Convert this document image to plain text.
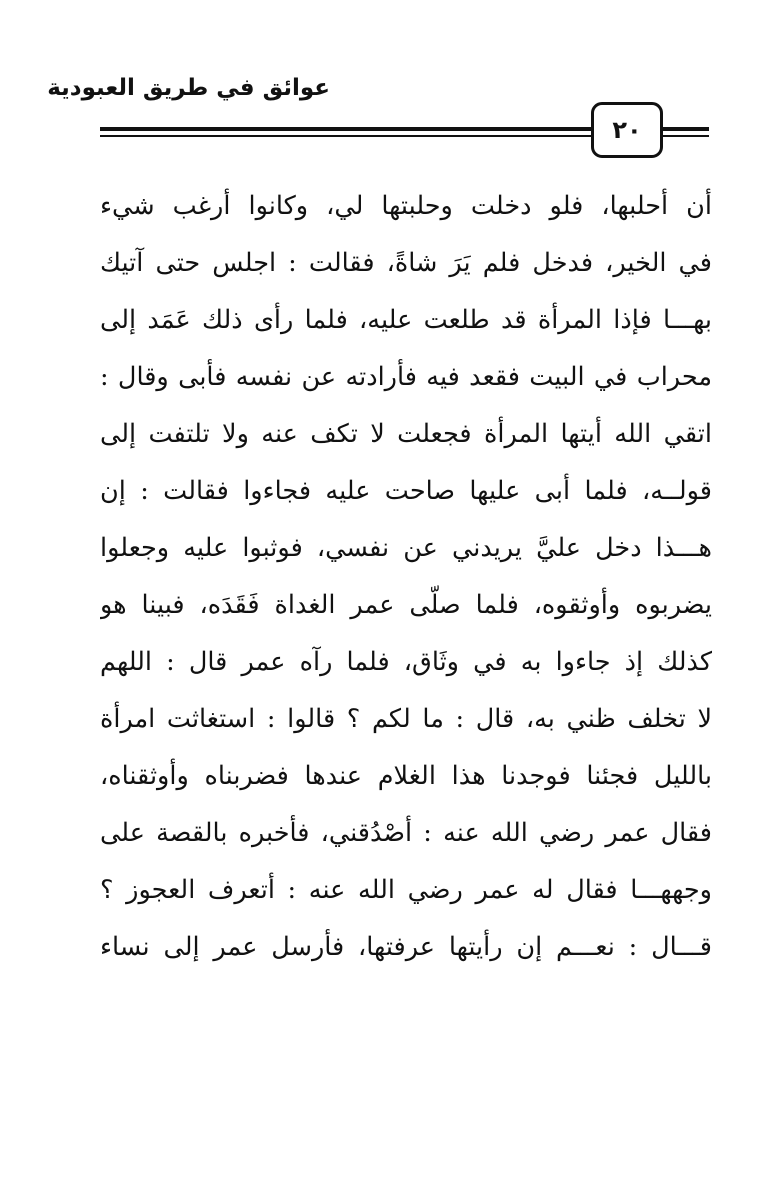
عوائق في طريق العبودية
٢٠
أن أحلبها، فلو دخلت وحلبتها لي، وكانوا أرغب شيء
في الخير، فدخل فلم يَرَ شاةً، فقالت : اجلس حتى آتيك
بهـــا فإذا المرأة قد طلعت عليه، فلما رأى ذلك عَمَد إلى
محراب في البيت فقعد فيه فأرادته عن نفسه فأبى وقال :
اتقي الله أيتها المرأة فجعلت لا تكف عنه ولا تلتفت إلى
قولــه، فلما أبى عليها صاحت عليه فجاءوا فقالت : إن
هـــذا دخل عليَّ يريدني عن نفسي، فوثبوا عليه وجعلوا
يضربوه وأوثقوه، فلما صلّى عمر الغداة فَقَدَه، فبينا هو
كذلك إذ جاءوا به في وثَاق، فلما رآه عمر قال : اللهم
لا تخلف ظني به، قال : ما لكم ؟ قالوا : استغاثت امرأة
بالليل فجئنا فوجدنا هذا الغلام عندها فضربناه وأوثقناه،
فقال عمر رضي الله عنه : أصْدُقني، فأخبره بالقصة على
وجههـــا فقال له عمر رضي الله عنه : أتعرف العجوز ؟
قـــال : نعـــم إن رأيتها عرفتها، فأرسل عمر إلى نساء
